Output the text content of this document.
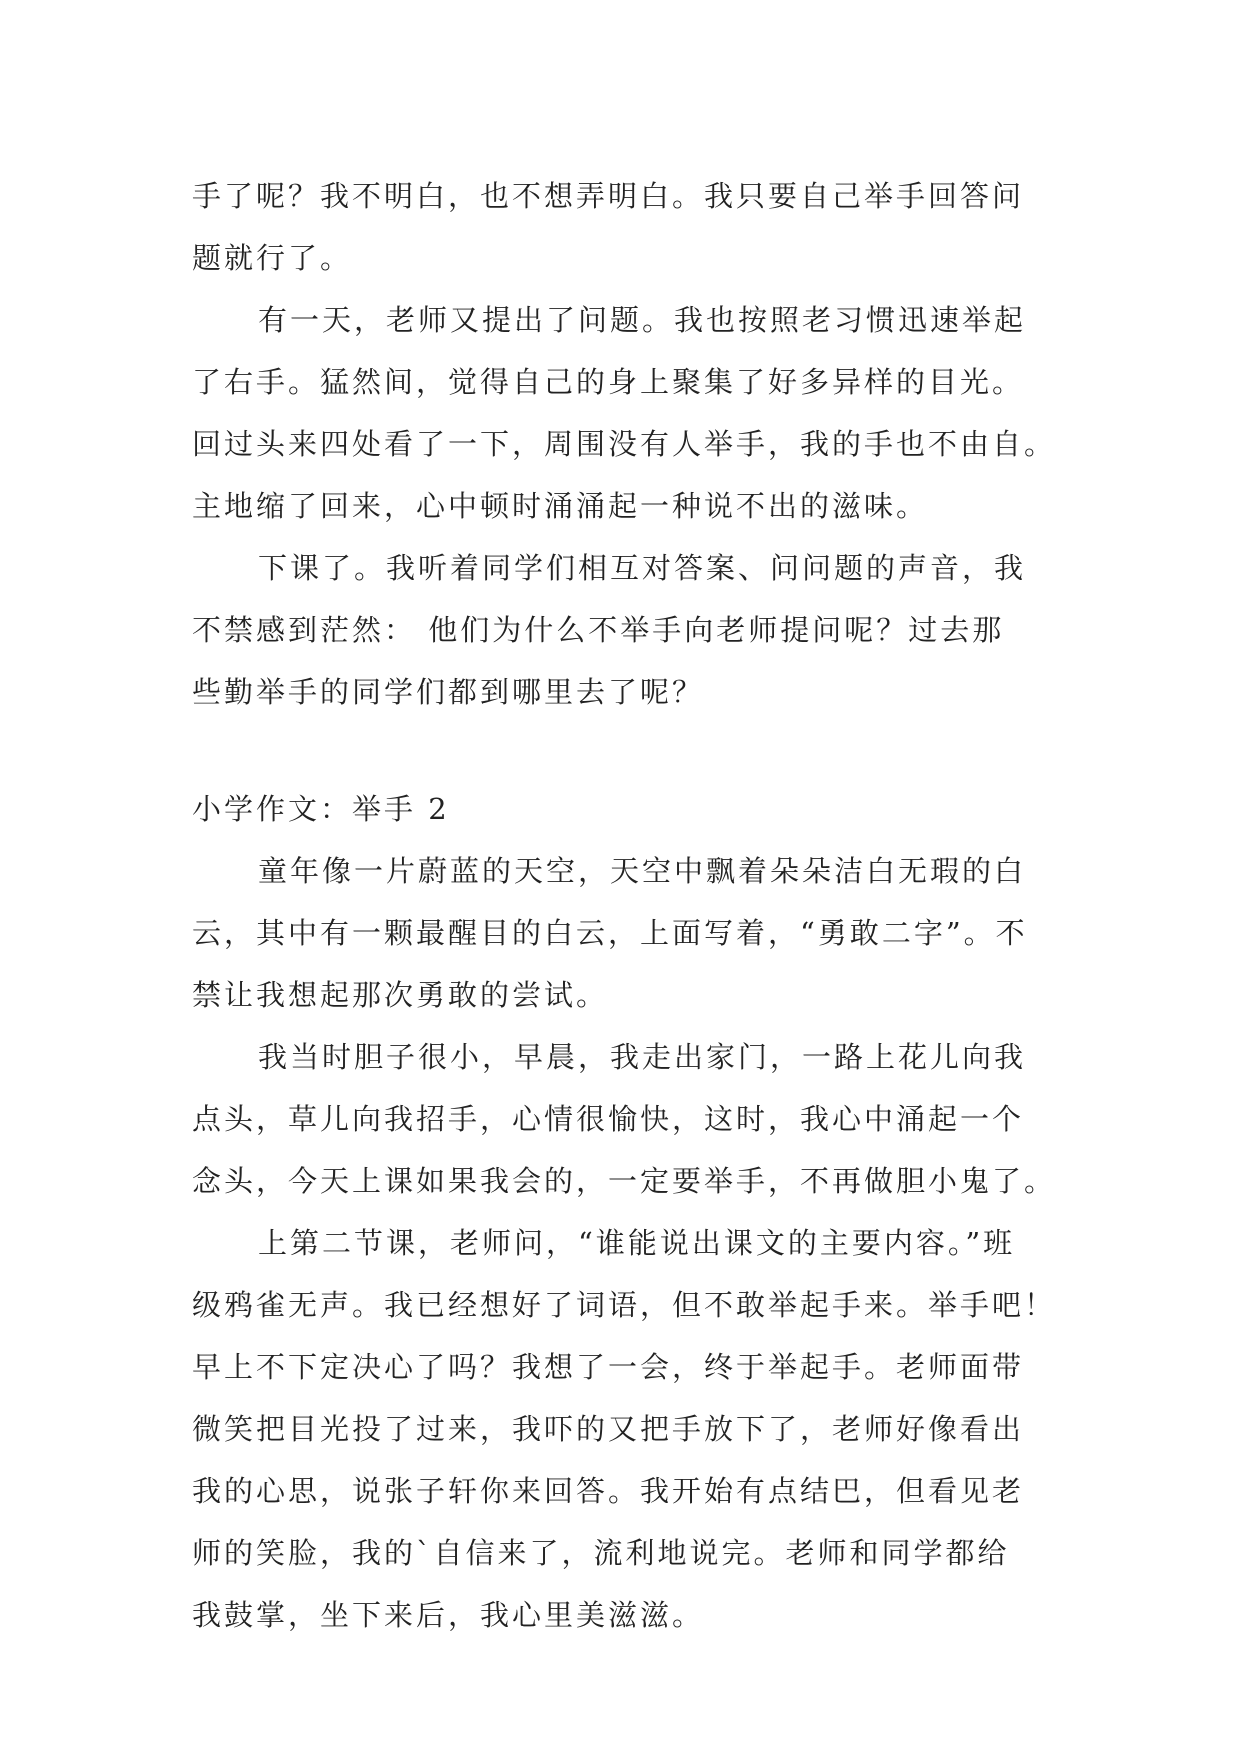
手了呢？我不明白，也不想弄明白。我只要自己举手回答问
题就行了。
有一天，老师又提出了问题。我也按照老习惯迅速举起
了右手。猛然间，觉得自己的身上聚集了好多异样的目光。
回过头来四处看了一下，周围没有人举手，我的手也不由自。
主地缩了回来，心中顿时涌涌起一种说不出的滋味。
下课了。我听着同学们相互对答案、问问题的声音，我
不禁感到茫然： 他们为什么不举手向老师提问呢？过去那
些勤举手的同学们都到哪里去了呢？
小学作文：举手 2
童年像一片蔚蓝的天空，天空中飘着朵朵洁白无瑕的白
云，其中有一颗最醒目的白云，上面写着，“勇敢二字”。不
禁让我想起那次勇敢的尝试。
我当时胆子很小，早晨，我走出家门，一路上花儿向我
点头，草儿向我招手，心情很愉快，这时，我心中涌起一个
念头，今天上课如果我会的，一定要举手，不再做胆小鬼了。
上第二节课，老师问，“谁能说出课文的主要内容。”班
级鸦雀无声。我已经想好了词语，但不敢举起手来。举手吧！
早上不下定决心了吗？我想了一会，终于举起手。老师面带
微笑把目光投了过来，我吓的又把手放下了，老师好像看出
我的心思，说张子轩你来回答。我开始有点结巴，但看见老
师的笑脸，我的`自信来了，流利地说完。老师和同学都给
我鼓掌，坐下来后，我心里美滋滋。
